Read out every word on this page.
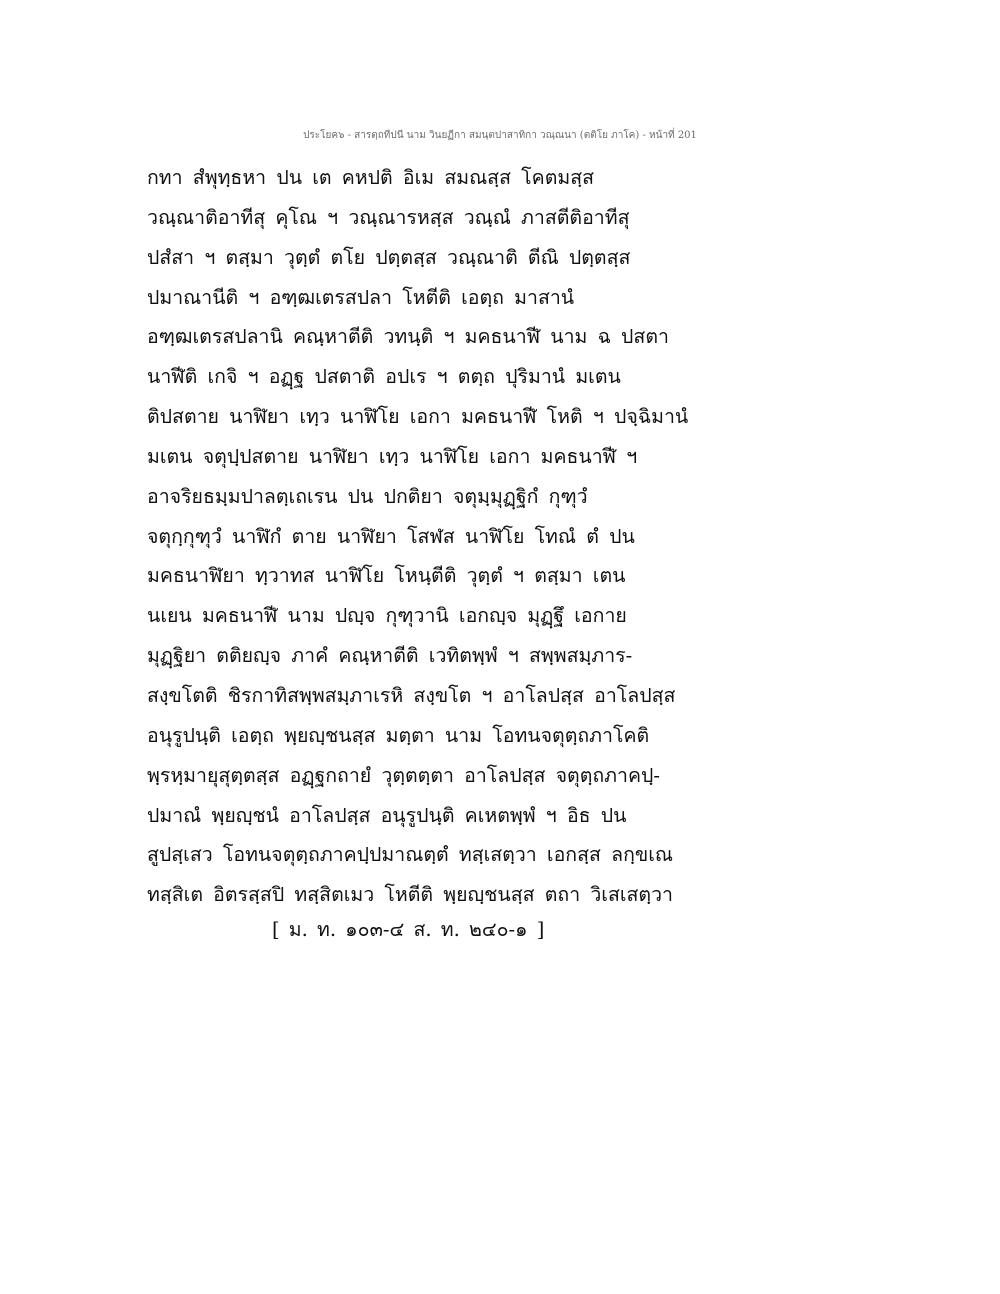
ประโยค๖ - สารตฺถทีปนี นาม วินยฏีกา สมนฺตปาสาทิกา วณฺณนา (ตติโย ภาโค) - หน้าที่ 201
กทา สํพุทฺธหา ปน เต คหปติ อิเม สมณสฺส โคตมสฺส
วณฺณาติอาทีสุ คุโณ ฯ วณฺณารหสฺส วณฺณํ ภาสตีติอาทีสุ
ปสํสา ฯ ตสฺมา วุตฺตํ ตโย ปตฺตสฺส วณฺณาติ ตีณิ ปตฺตสฺส
ปมาณานีติ ฯ อฑฺฒเตรสปลา โหตีติ เอตฺถ มาสานํ
อฑฺฒเตรสปลานิ คณฺหาตีติ วทนฺติ ฯ มคธนาฬี นาม ฉ ปสตา
นาฬีติ เกจิ ฯ อฏฺฐ ปสตาติ อปเร ฯ ตตฺถ ปุริมานํ มเตน
ติปสตาย นาฬิยา เทฺว นาฬิโย เอกา มคธนาฬี โหติ ฯ ปจฺฉิมานํ
มเตน จตุปฺปสตาย นาฬิยา เทฺว นาฬิโย เอกา มคธนาฬี ฯ
อาจริยธมฺมปาลตฺเถเรน ปน ปกติยา จตุมฺมุฏฺฐิกํ กุฑุวํ
จตุกฺกุฑุวํ นาฬิกํ ตาย นาฬิยา โสฬส นาฬิโย โทณํ ตํ ปน
มคธนาฬิยา ทฺวาทส นาฬิโย โหนฺตีติ วุตฺตํ ฯ ตสฺมา เตน
นเยน มคธนาฬี นาม ปญฺจ กุฑุวานิ เอกญฺจ มุฏฺฐึ เอกาย
มุฏฺฐิยา ตติยญฺจ ภาคํ คณฺหาตีติ เวทิตพฺพํ ฯ สพฺพสมฺภาร-
สงฺขโตติ ชิรกาทิสพฺพสมฺภาเรหิ สงฺขโต ฯ อาโลปสฺส อาโลปสฺส
อนุรูปนฺติ เอตฺถ พฺยญฺชนสฺส มตฺตา นาม โอทนจตุตฺถภาโคติ
พฺรหฺมายุสุตฺตสฺส อฏฺฐกถายํ วุตฺตตฺตา อาโลปสฺส จตุตฺถภาคปฺ-
ปมาณํ พฺยญฺชนํ อาโลปสฺส อนุรูปนฺติ คเหตพฺพํ ฯ อิธ ปน
สูปสฺเสว โอทนจตุตฺถภาคปฺปมาณตฺตํ ทสฺเสตฺวา เอกสฺส ลกฺขเณ
ทสฺสิเต อิตรสฺสปิ ทสฺสิตเมว โหตีติ พฺยญฺชนสฺส ตถา วิเสเสตฺวา
[ ม. ท. ๑๐๓-๔ ส. ท. ๒๔๐-๑ ]
